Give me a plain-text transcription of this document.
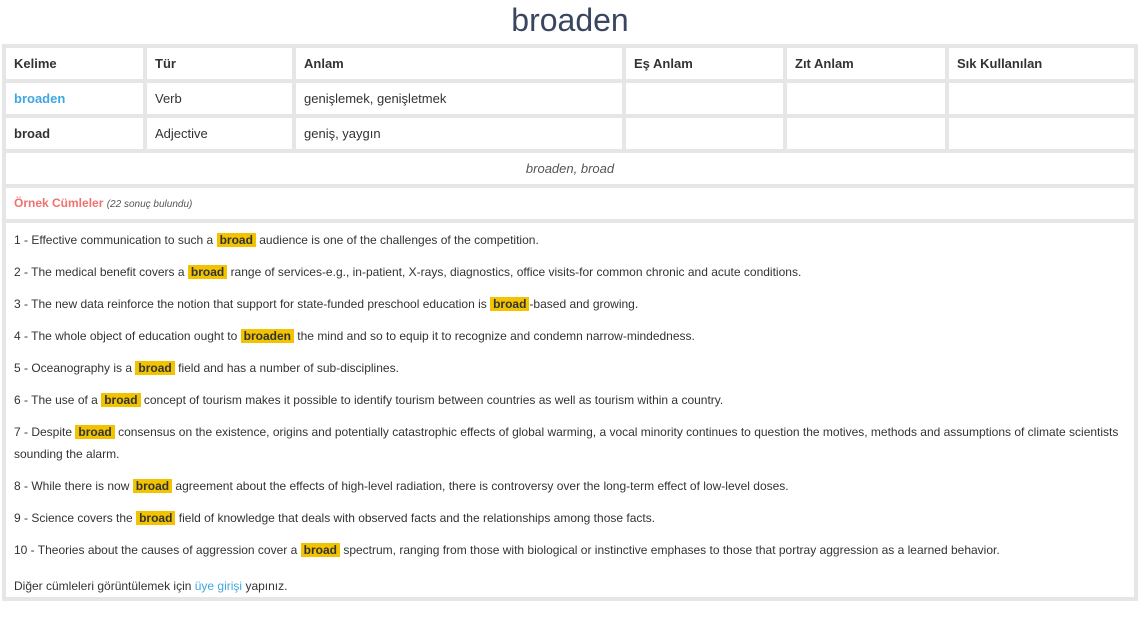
broaden
Kelime	Tür	Anlam	Eş Anlam	Zıt Anlam	Sık Kullanılan
broaden	Verb	genişlemek, genişletmek			
broad	Adjective	geniş, yaygın			
broaden, broad					
Örnek Cümleler (22 sonuç bulundu)
1 - Effective communication to such a broad audience is one of the challenges of the competition.
2 - The medical benefit covers a broad range of services-e.g., in-patient, X-rays, diagnostics, office visits-for common chronic and acute conditions.
3 - The new data reinforce the notion that support for state-funded preschool education is broad -based and growing.
4 - The whole object of education ought to broaden the mind and so to equip it to recognize and condemn narrow-mindedness.
5 - Oceanography is a broad field and has a number of sub-disciplines.
6 - The use of a broad concept of tourism makes it possible to identify tourism between countries as well as tourism within a country.
7 - Despite broad consensus on the existence, origins and potentially catastrophic effects of global warming, a vocal minority continues to question the motives, methods and assumptions of climate scientists sounding the alarm.
8 - While there is now broad agreement about the effects of high-level radiation, there is controversy over the long-term effect of low-level doses.
9 - Science covers the broad field of knowledge that deals with observed facts and the relationships among those facts.
10 - Theories about the causes of aggression cover a broad spectrum, ranging from those with biological or instinctive emphases to those that portray aggression as a learned behavior.
Diğer cümleleri görüntülemek için üye girişi yapınız.
